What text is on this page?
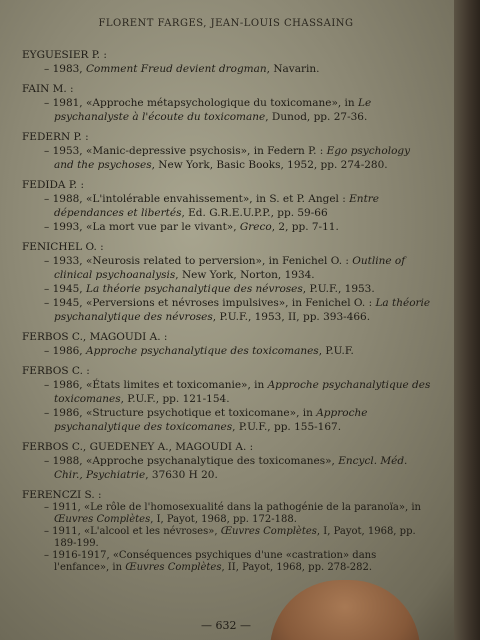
FLORENT FARGES, JEAN-LOUIS CHASSAING
EYGUESIER P. :
– 1983, Comment Freud devient drogman, Navarin.
FAIN M. :
– 1981, «Approche métapsychologique du toxicomane», in Le psychanalyste à l'écoute du toxicomane, Dunod, pp. 27-36.
FEDERN P. :
– 1953, «Manic-depressive psychosis», in Federn P. : Ego psychology and the psychoses, New York, Basic Books, 1952, pp. 274-280.
FEDIDA P. :
– 1988, «L'intolérable envahissement», in S. et P. Angel : Entre dépendances et libertés, Ed. G.R.E.U.P.P., pp. 59-66
– 1993, «La mort vue par le vivant», Greco, 2, pp. 7-11.
FENICHEL O. :
– 1933, «Neurosis related to perversion», in Fenichel O. : Outline of clinical psychoanalysis, New York, Norton, 1934.
– 1945, La théorie psychanalytique des névroses, P.U.F., 1953.
– 1945, «Perversions et névroses impulsives», in Fenichel O. : La théorie psychanalytique des névroses, P.U.F., 1953, II, pp. 393-466.
FERBOS C., MAGOUDI A. :
– 1986, Approche psychanalytique des toxicomanes, P.U.F.
FERBOS C. :
– 1986, «États limites et toxicomanie», in Approche psychanalytique des toxicomanes, P.U.F., pp. 121-154.
– 1986, «Structure psychotique et toxicomane», in Approche psychanalytique des toxicomanes, P.U.F., pp. 155-167.
FERBOS C., GUEDENEY A., MAGOUDI A. :
– 1988, «Approche psychanalytique des toxicomanes», Encycl. Méd. Chir., Psychiatrie, 37630 H 20.
FERENCZI S. :
– 1911, «Le rôle de l'homosexualité dans la pathogénie de la paranoïa», in Œuvres Complètes, I, Payot, 1968, pp. 172-188.
– 1911, «L'alcool et les névroses», Œuvres Complètes, I, Payot, 1968, pp. 189-199.
– 1916-1917, «Conséquences psychiques d'une «castration» dans l'enfance», in Œuvres Complètes, II, Payot, 1968, pp. 278-282.
— 632 —
